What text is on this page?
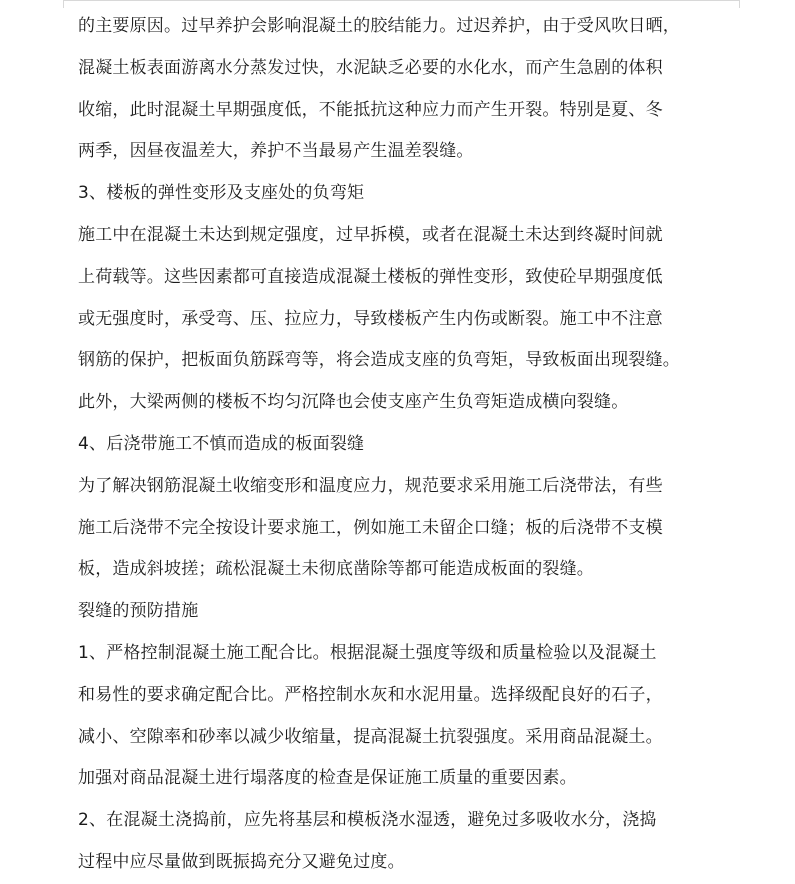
的主要原因。过早养护会影响混凝土的胶结能力。过迟养护，由于受风吹日晒，
混凝土板表面游离水分蒸发过快，水泥缺乏必要的水化水，而产生急剧的体积
收缩，此时混凝土早期强度低，不能抵抗这种应力而产生开裂。特别是夏、冬
两季，因昼夜温差大，养护不当最易产生温差裂缝。
3、楼板的弹性变形及支座处的负弯矩
施工中在混凝土未达到规定强度，过早拆模，或者在混凝土未达到终凝时间就
上荷载等。这些因素都可直接造成混凝土楼板的弹性变形，致使砼早期强度低
或无强度时，承受弯、压、拉应力，导致楼板产生内伤或断裂。施工中不注意
钢筋的保护，把板面负筋踩弯等，将会造成支座的负弯矩，导致板面出现裂缝。
此外，大梁两侧的楼板不均匀沉降也会使支座产生负弯矩造成横向裂缝。
4、后浇带施工不慎而造成的板面裂缝
为了解决钢筋混凝土收缩变形和温度应力，规范要求采用施工后浇带法，有些
施工后浇带不完全按设计要求施工，例如施工未留企口缝；板的后浇带不支模
板，造成斜坡搓；疏松混凝土未彻底凿除等都可能造成板面的裂缝。
裂缝的预防措施
1、严格控制混凝土施工配合比。根据混凝土强度等级和质量检验以及混凝土
和易性的要求确定配合比。严格控制水灰和水泥用量。选择级配良好的石子，
减小、空隙率和砂率以减少收缩量，提高混凝土抗裂强度。采用商品混凝土。
加强对商品混凝土进行塌落度的检查是保证施工质量的重要因素。
2、在混凝土浇捣前，应先将基层和模板浇水湿透，避免过多吸收水分，浇捣
过程中应尽量做到既振捣充分又避免过度。
